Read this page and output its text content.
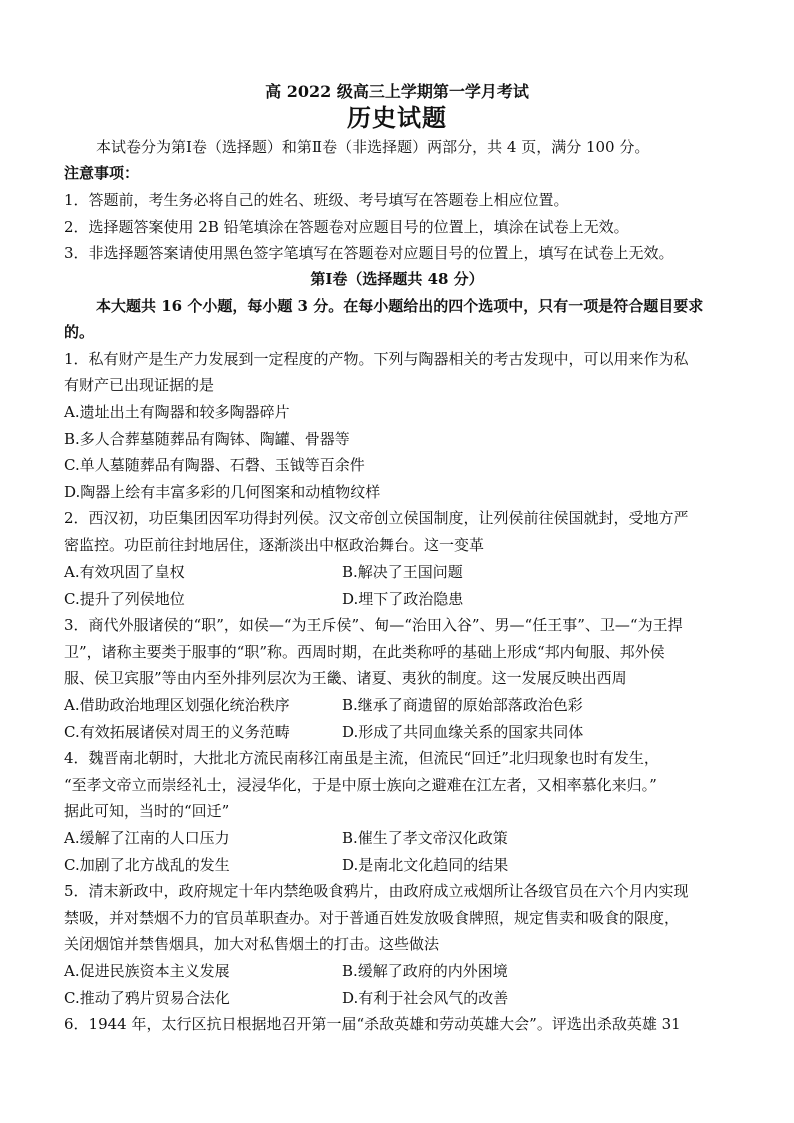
高 2022 级高三上学期第一学月考试
历史试题
本试卷分为第Ⅰ卷（选择题）和第Ⅱ卷（非选择题）两部分，共 4 页，满分 100 分。
注意事项：
1．答题前，考生务必将自己的姓名、班级、考号填写在答题卷上相应位置。
2．选择题答案使用 2B 铅笔填涂在答题卷对应题目号的位置上，填涂在试卷上无效。
3．非选择题答案请使用黑色签字笔填写在答题卷对应题目号的位置上，填写在试卷上无效。
第Ⅰ卷（选择题共 48 分）
本大题共 16 个小题，每小题 3 分。在每小题给出的四个选项中，只有一项是符合题目要求
的。
1．私有财产是生产力发展到一定程度的产物。下列与陶器相关的考古发现中，可以用来作为私
有财产已出现证据的是
A.遗址出土有陶器和较多陶器碎片
B.多人合葬墓随葬品有陶钵、陶罐、骨器等
C.单人墓随葬品有陶器、石磬、玉钺等百余件
D.陶器上绘有丰富多彩的几何图案和动植物纹样
2．西汉初，功臣集团因军功得封列侯。汉文帝创立侯国制度，让列侯前往侯国就封，受地方严
密监控。功臣前往封地居住，逐渐淡出中枢政治舞台。这一变革
A.有效巩固了皇权	B.解决了王国问题
C.提升了列侯地位	D.埋下了政治隐患
3．商代外服诸侯的“职”，如侯—“为王斥侯”、甸—“治田入谷”、男—“任王事”、卫—“为王捍
卫”，诸称主要类于服事的“职”称。西周时期，在此类称呼的基础上形成“邦内甸服、邦外侯
服、侯卫宾服”等由内至外排列层次为王畿、诸夏、夷狄的制度。这一发展反映出西周
A.借助政治地理区划强化统治秩序	B.继承了商遗留的原始部落政治色彩
C.有效拓展诸侯对周王的义务范畴	D.形成了共同血缘关系的国家共同体
4．魏晋南北朝时，大批北方流民南移江南虽是主流，但流民“回迁”北归现象也时有发生，
“至孝文帝立而崇经礼士，浸浸华化，于是中原士族向之避难在江左者，又相率慕化来归。”
据此可知，当时的“回迁”
A.缓解了江南的人口压力	B.催生了孝文帝汉化政策
C.加剧了北方战乱的发生	D.是南北文化趋同的结果
5．清末新政中，政府规定十年内禁绝吸食鸦片，由政府成立戒烟所让各级官员在六个月内实现
禁吸，并对禁烟不力的官员革职查办。对于普通百姓发放吸食牌照，规定售卖和吸食的限度，
关闭烟馆并禁售烟具，加大对私售烟土的打击。这些做法
A.促进民族资本主义发展	B.缓解了政府的内外困境
C.推动了鸦片贸易合法化	D.有利于社会风气的改善
6．1944 年，太行区抗日根据地召开第一届“杀敌英雄和劳动英雄大会”。评选出杀敌英雄 31
